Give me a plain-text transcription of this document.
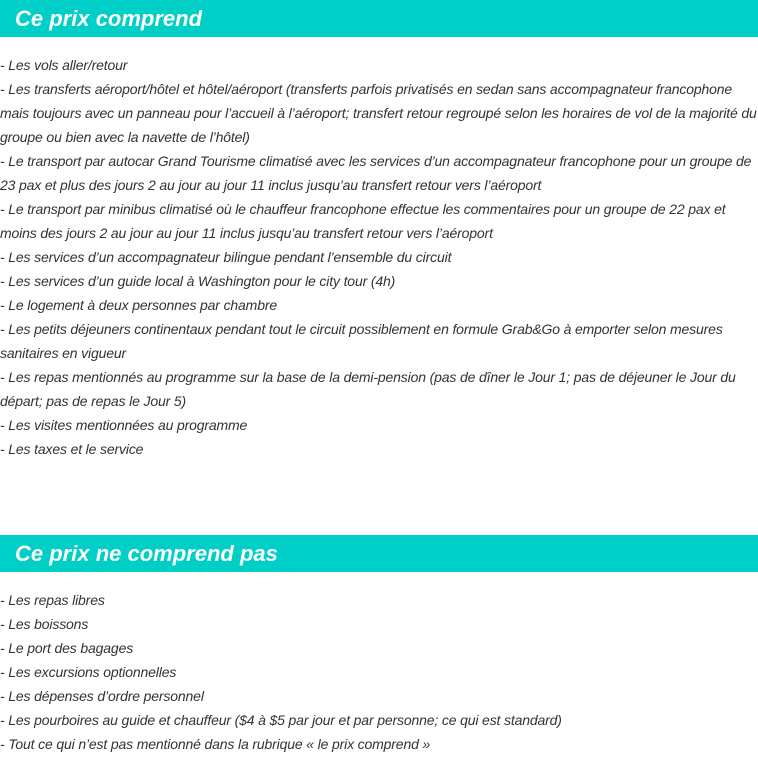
Ce prix comprend
- Les vols aller/retour
- Les transferts aéroport/hôtel et hôtel/aéroport (transferts parfois privatisés en sedan sans accompagnateur francophone mais toujours avec un panneau pour l’accueil à l’aéroport; transfert retour regroupé selon les horaires de vol de la majorité du groupe ou bien avec la navette de l’hôtel)
- Le transport par autocar Grand Tourisme climatisé avec les services d’un accompagnateur francophone pour un groupe de 23 pax et plus des jours 2 au jour au jour 11 inclus jusqu’au transfert retour vers l’aéroport
- Le transport par minibus climatisé où le chauffeur francophone effectue les commentaires pour un groupe de 22 pax et moins des jours 2 au jour au jour 11 inclus jusqu’au transfert retour vers l’aéroport
- Les services d’un accompagnateur bilingue pendant l’ensemble du circuit
- Les services d’un guide local à Washington pour le city tour (4h)
- Le logement à deux personnes par chambre
- Les petits déjeuners continentaux pendant tout le circuit possiblement en formule Grab&Go à emporter selon mesures sanitaires en vigueur
- Les repas mentionnés au programme sur la base de la demi-pension (pas de dîner le Jour 1; pas de déjeuner le Jour du départ; pas de repas le Jour 5)
- Les visites mentionnées au programme
- Les taxes et le service
Ce prix ne comprend pas
- Les repas libres
- Les boissons
- Le port des bagages
- Les excursions optionnelles
- Les dépenses d’ordre personnel
- Les pourboires au guide et chauffeur ($4 à $5 par jour et par personne; ce qui est standard)
- Tout ce qui n’est pas mentionné dans la rubrique « le prix comprend »
